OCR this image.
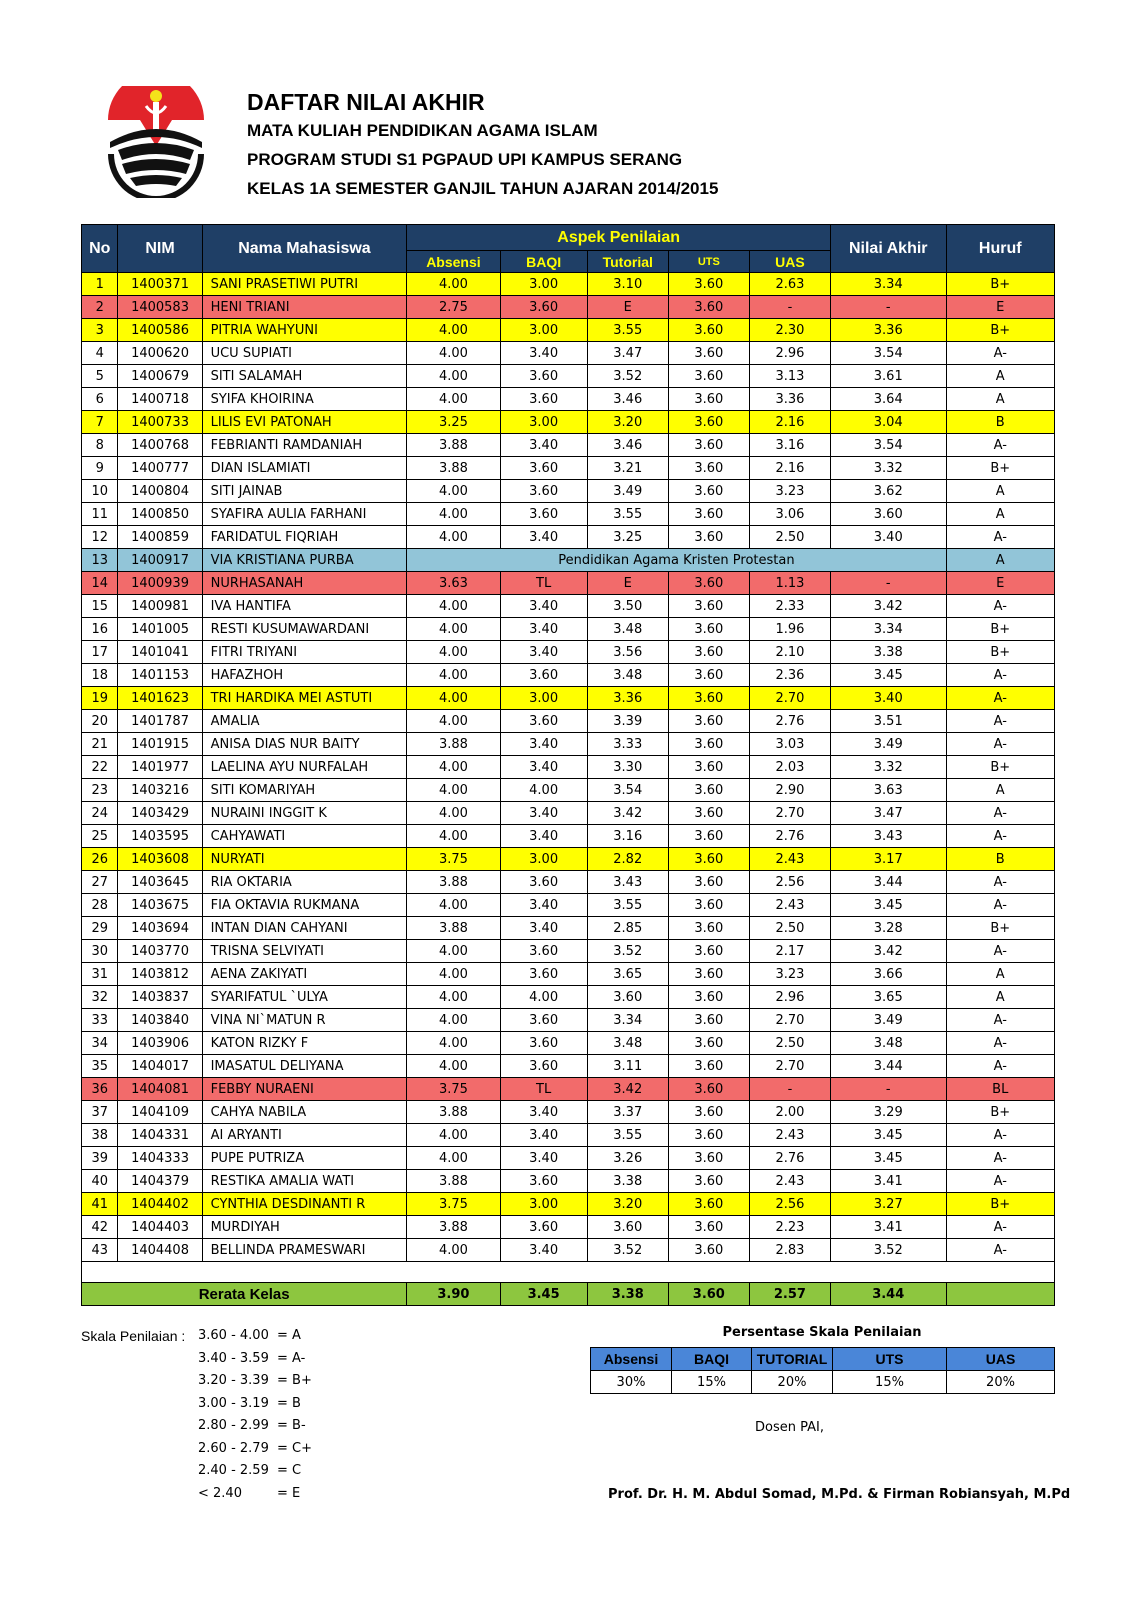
DAFTAR NILAI AKHIR
MATA KULIAH PENDIDIKAN AGAMA ISLAM
PROGRAM STUDI S1 PGPAUD UPI KAMPUS SERANG
KELAS 1A SEMESTER GANJIL TAHUN AJARAN 2014/2015
No	NIM	Nama Mahasiswa	Aspek Penilaian					Nilai Akhir	Huruf
			Absensi	BAQI	Tutorial	UTS	UAS		
1	1400371	SANI PRASETIWI PUTRI	4.00	3.00	3.10	3.60	2.63	3.34	B+
2	1400583	HENI TRIANI	2.75	3.60	E	3.60	-	-	E
3	1400586	PITRIA WAHYUNI	4.00	3.00	3.55	3.60	2.30	3.36	B+
4	1400620	UCU SUPIATI	4.00	3.40	3.47	3.60	2.96	3.54	A-
5	1400679	SITI SALAMAH	4.00	3.60	3.52	3.60	3.13	3.61	A
6	1400718	SYIFA KHOIRINA	4.00	3.60	3.46	3.60	3.36	3.64	A
7	1400733	LILIS EVI PATONAH	3.25	3.00	3.20	3.60	2.16	3.04	B
8	1400768	FEBRIANTI RAMDANIAH	3.88	3.40	3.46	3.60	3.16	3.54	A-
9	1400777	DIAN ISLAMIATI	3.88	3.60	3.21	3.60	2.16	3.32	B+
10	1400804	SITI JAINAB	4.00	3.60	3.49	3.60	3.23	3.62	A
11	1400850	SYAFIRA AULIA FARHANI	4.00	3.60	3.55	3.60	3.06	3.60	A
12	1400859	FARIDATUL FIQRIAH	4.00	3.40	3.25	3.60	2.50	3.40	A-
13	1400917	VIA KRISTIANA PURBA	Pendidikan Agama Kristen Protestan						A
14	1400939	NURHASANAH	3.63	TL	E	3.60	1.13	-	E
15	1400981	IVA HANTIFA	4.00	3.40	3.50	3.60	2.33	3.42	A-
16	1401005	RESTI KUSUMAWARDANI	4.00	3.40	3.48	3.60	1.96	3.34	B+
17	1401041	FITRI TRIYANI	4.00	3.40	3.56	3.60	2.10	3.38	B+
18	1401153	HAFAZHOH	4.00	3.60	3.48	3.60	2.36	3.45	A-
19	1401623	TRI HARDIKA MEI ASTUTI	4.00	3.00	3.36	3.60	2.70	3.40	A-
20	1401787	AMALIA	4.00	3.60	3.39	3.60	2.76	3.51	A-
21	1401915	ANISA DIAS NUR BAITY	3.88	3.40	3.33	3.60	3.03	3.49	A-
22	1401977	LAELINA AYU NURFALAH	4.00	3.40	3.30	3.60	2.03	3.32	B+
23	1403216	SITI KOMARIYAH	4.00	4.00	3.54	3.60	2.90	3.63	A
24	1403429	NURAINI INGGIT K	4.00	3.40	3.42	3.60	2.70	3.47	A-
25	1403595	CAHYAWATI	4.00	3.40	3.16	3.60	2.76	3.43	A-
26	1403608	NURYATI	3.75	3.00	2.82	3.60	2.43	3.17	B
27	1403645	RIA OKTARIA	3.88	3.60	3.43	3.60	2.56	3.44	A-
28	1403675	FIA OKTAVIA RUKMANA	4.00	3.40	3.55	3.60	2.43	3.45	A-
29	1403694	INTAN DIAN CAHYANI	3.88	3.40	2.85	3.60	2.50	3.28	B+
30	1403770	TRISNA SELVIYATI	4.00	3.60	3.52	3.60	2.17	3.42	A-
31	1403812	AENA ZAKIYATI	4.00	3.60	3.65	3.60	3.23	3.66	A
32	1403837	SYARIFATUL `ULYA	4.00	4.00	3.60	3.60	2.96	3.65	A
33	1403840	VINA NI`MATUN R	4.00	3.60	3.34	3.60	2.70	3.49	A-
34	1403906	KATON RIZKY F	4.00	3.60	3.48	3.60	2.50	3.48	A-
35	1404017	IMASATUL DELIYANA	4.00	3.60	3.11	3.60	2.70	3.44	A-
36	1404081	FEBBY NURAENI	3.75	TL	3.42	3.60	-	-	BL
37	1404109	CAHYA NABILA	3.88	3.40	3.37	3.60	2.00	3.29	B+
38	1404331	AI ARYANTI	4.00	3.40	3.55	3.60	2.43	3.45	A-
39	1404333	PUPE PUTRIZA	4.00	3.40	3.26	3.60	2.76	3.45	A-
40	1404379	RESTIKA AMALIA WATI	3.88	3.60	3.38	3.60	2.43	3.41	A-
41	1404402	CYNTHIA DESDINANTI R	3.75	3.00	3.20	3.60	2.56	3.27	B+
42	1404403	MURDIYAH	3.88	3.60	3.60	3.60	2.23	3.41	A-
43	1404408	BELLINDA PRAMESWARI	4.00	3.40	3.52	3.60	2.83	3.52	A-

Rerata Kelas			3.90	3.45	3.38	3.60	2.57	3.44	
Skala Penilaian : 3.60 - 4.00 = A
3.40 - 3.59 = A-
3.20 - 3.39 = B+
3.00 - 3.19 = B
2.80 - 2.99 = B-
2.60 - 2.79 = C+
2.40 - 2.59 = C
< 2.40	= E
Persentase Skala Penilaian
Absensi	BAQI	TUTORIAL	UTS	UAS
30%	15%	20%	15%	20%
Dosen PAI,
Prof. Dr. H. M. Abdul Somad, M.Pd. & Firman Robiansyah, M.Pd
